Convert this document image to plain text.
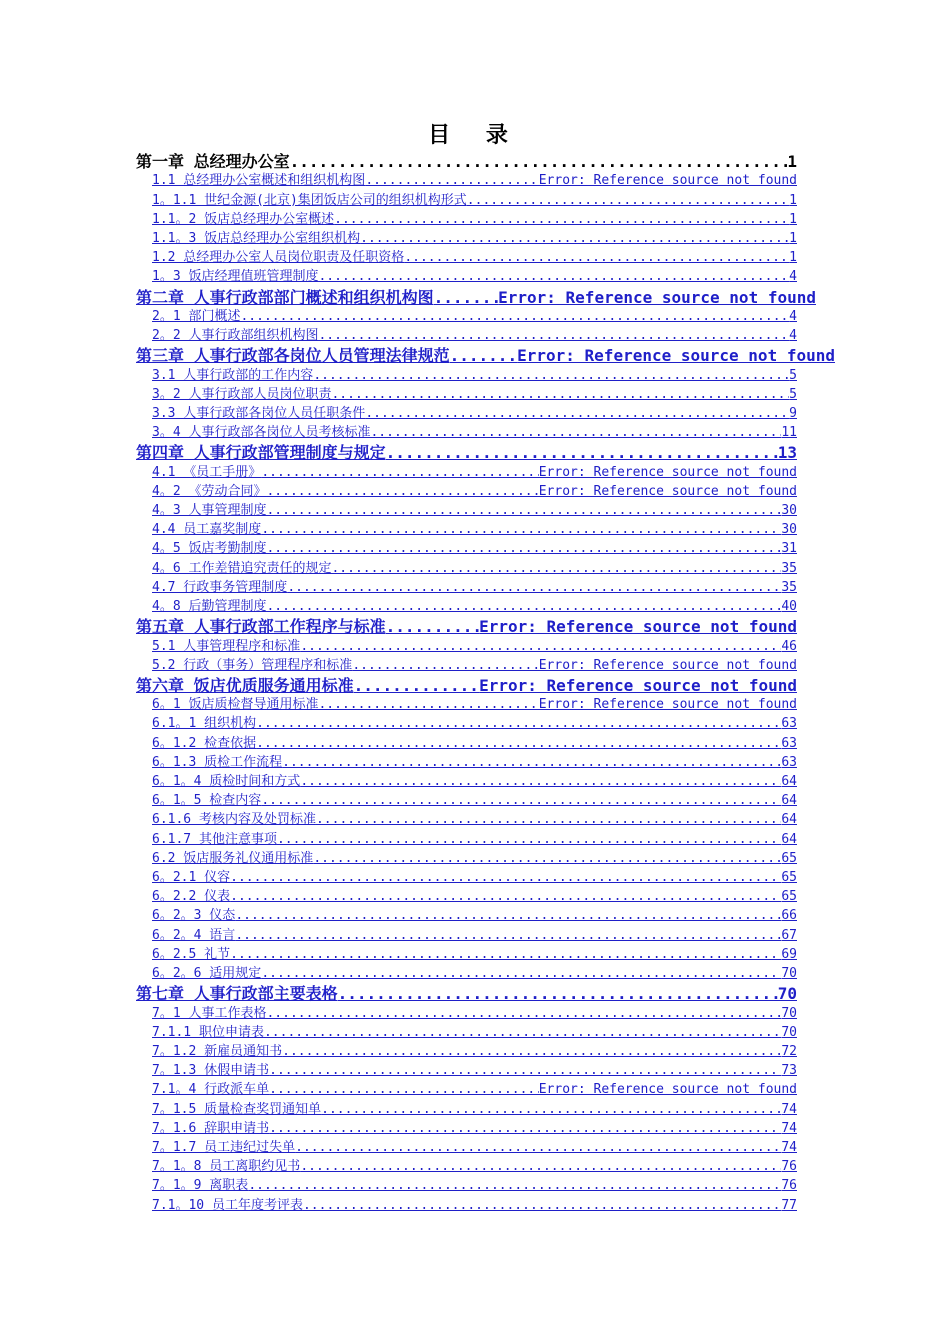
目 录
第一章 总经理办公室 .....	1
1.1 总经理办公室概述和组织机构图 .....	Error: Reference source not found
1。1.1 世纪金源(北京)集团饭店公司的组织机构形式 .....	1
1.1。2 饭店总经理办公室概述 .....	1
1.1。3 饭店总经理办公室组织机构 .....	1
1.2 总经理办公室人员岗位职责及任职资格 .....	1
1。3 饭店经理值班管理制度 .....	4
第二章 人事行政部部门概述和组织机构图 .....	Error: Reference source not found
2。1 部门概述 .....	4
2。2 人事行政部组织机构图 .....	4
第三章 人事行政部各岗位人员管理法律规范 .....	Error: Reference source not found
3.1 人事行政部的工作内容 .....	5
3。2 人事行政部人员岗位职责 .....	5
3.3 人事行政部各岗位人员任职条件 .....	9
3。4 人事行政部各岗位人员考核标准 .....	11
第四章 人事行政部管理制度与规定 .....	13
4.1 《员工手册》 .....	Error: Reference source not found
4。2 《劳动合同》 .....	Error: Reference source not found
4。3 人事管理制度 .....	30
4.4 员工嘉奖制度 .....	30
4。5 饭店考勤制度 .....	31
4。6 工作差错追究责任的规定 .....	35
4.7 行政事务管理制度 .....	35
4。8 后勤管理制度 .....	40
第五章 人事行政部工作程序与标准 .....	Error: Reference source not found
5.1 人事管理程序和标准 .....	46
5.2 行政（事务）管理程序和标准 .....	Error: Reference source not found
第六章 饭店优质服务通用标准 .....	Error: Reference source not found
6。1 饭店质检督导通用标准 .....	Error: Reference source not found
6.1。1 组织机构 .....	63
6。1.2 检查依据 .....	63
6。1.3 质检工作流程 .....	63
6。1。4 质检时间和方式 .....	64
6。1。5 检查内容 .....	64
6.1.6 考核内容及处罚标准 .....	64
6.1.7 其他注意事项 .....	64
6.2 饭店服务礼仪通用标准 .....	65
6。2.1 仪容 .....	65
6。2.2 仪表 .....	65
6。2。3 仪态 .....	66
6。2。4 语言 .....	67
6。2.5 礼节 .....	69
6。2。6 适用规定 .....	70
第七章 人事行政部主要表格 .....	70
7。1 人事工作表格 .....	70
7.1.1 职位申请表 .....	70
7。1.2 新雇员通知书 .....	72
7。1.3 休假申请书 .....	73
7.1。4 行政派车单 .....	Error: Reference source not found
7。1.5 质量检查奖罚通知单 .....	74
7。1.6 辞职申请书 .....	74
7。1.7 员工违纪过失单 .....	74
7。1。8 员工离职约见书 .....	76
7。1。9 离职表 .....	76
7.1。10 员工年度考评表 .....	77
